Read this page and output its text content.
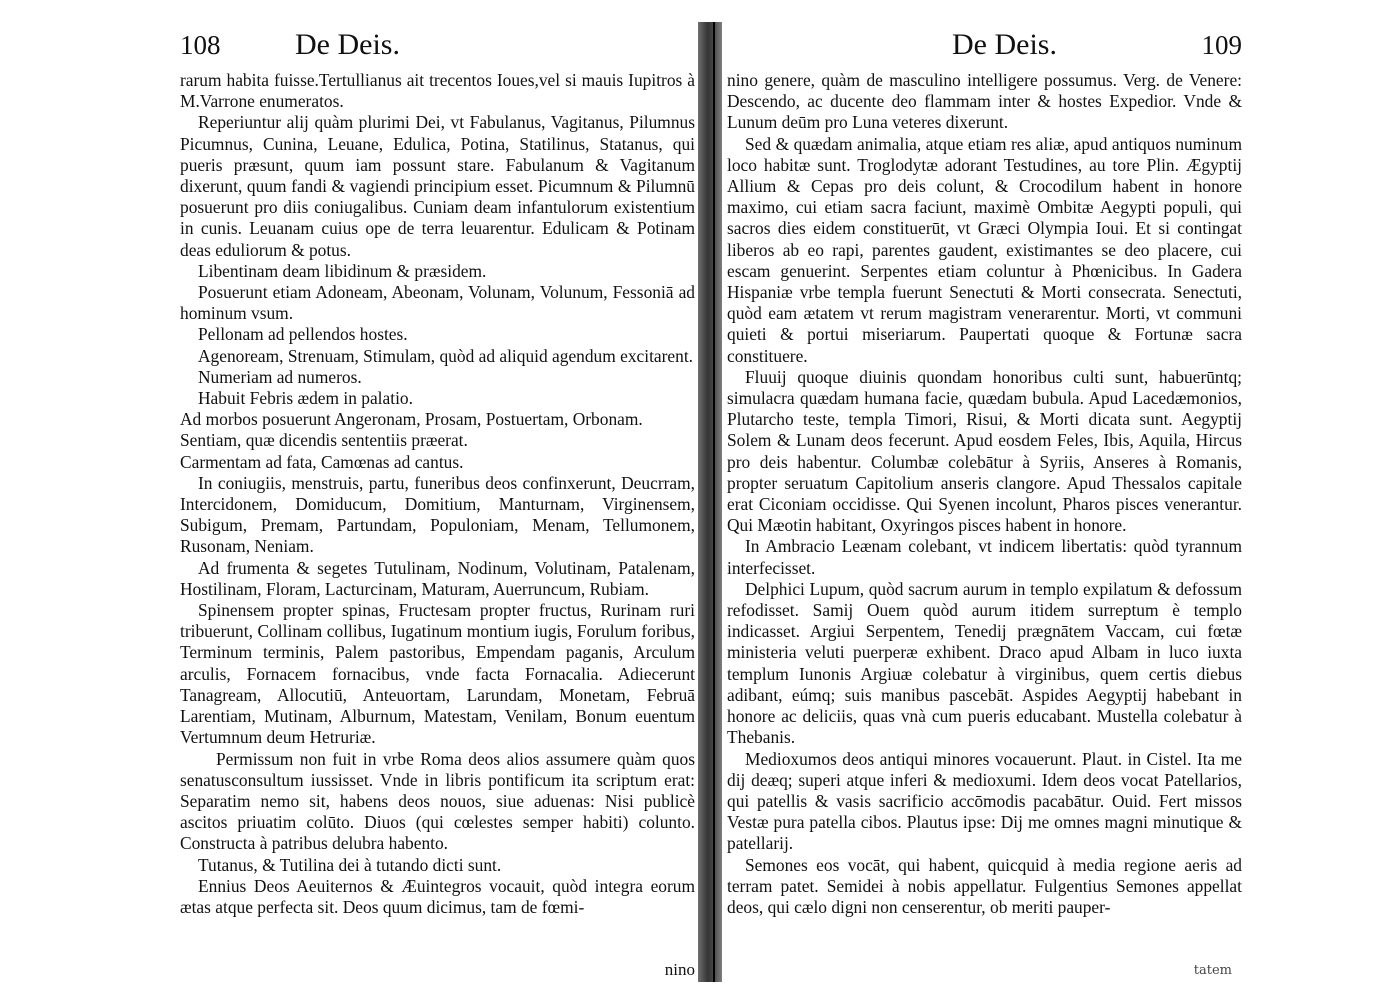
108	De Deis.

rarum habita fuisse.Tertullianus ait trecentos Ioues,vel si mauis Iupitros à M.Varrone enumeratos.

Reperiuntur alij quàm plurimi Dei, vt Fabulanus, Vagitanus, Pilumnus Picumnus, Cunina, Leuane, Edulica, Potina, Statilinus, Statanus, qui pueris præsunt, quum iam possunt stare. Fabulanum & Vagitanum dixerunt, quum fandi & vagiendi principium esset. Picumnum & Pilumnū posuerunt pro diis coniugalibus. Cuniam deam infantulorum existentium in cunis. Leuanam cuius ope de terra leuarentur. Edulicam & Potinam deas eduliorum & potus.

Libentinam deam libidinum & præsidem.

Posuerunt etiam Adoneam, Abeonam, Volunam, Volunum, Fessoniā ad hominum vsum.

Pellonam ad pellendos hostes.

Agenoream, Strenuam, Stimulam, quòd ad aliquid agendum excitarent.

Numeriam ad numeros.

Habuit Febris ædem in palatio.

Ad morbos posuerunt Angeronam, Prosam, Postuertam, Orbonam.

Sentiam, quæ dicendis sententiis præerat.

Carmentam ad fata, Camœnas ad cantus.

In coniugiis, menstruis, partu, funeribus deos confinxerunt, Deucrram, Intercidonem, Domiducum, Domitium, Manturnam, Virginensem, Subigum, Premam, Partundam, Populoniam, Menam, Tellumonem, Rusonam, Neniam.

Ad frumenta & segetes Tutulinam, Nodinum, Volutinam, Patalenam, Hostilinam, Floram, Lacturcinam, Maturam, Auerruncum, Rubiam.

Spinensem propter spinas, Fructesam propter fructus, Rurinam ruri tribuerunt, Collinam collibus, Iugatinum montium iugis, Forulum foribus, Terminum terminis, Palem pastoribus, Empendam paganis, Arculum arculis, Fornacem fornacibus, vnde facta Fornacalia. Adiecerunt Tanagream, Allocutiū, Anteuortam, Larundam, Monetam, Februā Larentiam, Mutinam, Alburnum, Matestam, Venilam, Bonum euentum Vertumnum deum Hetruriæ.

Permissum non fuit in vrbe Roma deos alios assumere quàm quos senatusconsultum iussisset. Vnde in libris pontificum ita scriptum erat: Separatim nemo sit, habens deos nouos, siue aduenas: Nisi publicè ascitos priuatim colūto. Diuos (qui cœlestes semper habiti) colunto. Constructa à patribus delubra habento.

Tutanus, & Tutilina dei à tutando dicti sunt.

Ennius Deos Aeuiternos & Æuintegros vocauit, quòd integra eorum ætas atque perfecta sit. Deos quum dicimus, tam de fœmi-

nino
De Deis.	109

nino genere, quàm de masculino intelligere possumus. Verg. de Venere: Descendo, ac ducente deo flammam inter & hostes Expedior. Vnde & Lunum deūm pro Luna veteres dixerunt.

Sed & quædam animalia, atque etiam res aliæ, apud antiquos numinum loco habitæ sunt. Troglodytæ adorant Testudines, au tore Plin. Ægyptij Allium & Cepas pro deis colunt, & Crocodilum habent in honore maximo, cui etiam sacra faciunt, maximè Ombitæ Aegypti populi, qui sacros dies eidem constituerūt, vt Græci Olympia Ioui. Et si contingat liberos ab eo rapi, parentes gaudent, existimantes se deo placere, cui escam genuerint. Serpentes etiam coluntur à Phœnicibus. In Gadera Hispaniæ vrbe templa fuerunt Senectuti & Morti consecrata. Senectuti, quòd eam ætatem vt rerum magistram venerarentur. Morti, vt communi quieti & portui miseriarum. Paupertati quoque & Fortunæ sacra constituere.

Fluuij quoque diuinis quondam honoribus culti sunt, habuerūntq; simulacra quædam humana facie, quædam bubula. Apud Lacedæmonios, Plutarcho teste, templa Timori, Risui, & Morti dicata sunt. Aegyptij Solem & Lunam deos fecerunt. Apud eosdem Feles, Ibis, Aquila, Hircus pro deis habentur. Columbæ colebātur à Syriis, Anseres à Romanis, propter seruatum Capitolium anseris clangore. Apud Thessalos capitale erat Ciconiam occidisse. Qui Syenen incolunt, Pharos pisces venerantur. Qui Mæotin habitant, Oxyringos pisces habent in honore.

In Ambracio Leænam colebant, vt indicem libertatis: quòd tyrannum interfecisset.

Delphici Lupum, quòd sacrum aurum in templo expilatum & defossum refodisset. Samij Ouem quòd aurum itidem surreptum è templo indicasset. Argiui Serpentem, Tenedij prægnātem Vaccam, cui fœtæ ministeria veluti puerperæ exhibent. Draco apud Albam in luco iuxta templum Iunonis Argiuæ colebatur à virginibus, quem certis diebus adibant, eúmq; suis manibus pascebāt. Aspides Aegyptij habebant in honore ac deliciis, quas vnà cum pueris educabant. Mustella colebatur à Thebanis.

Medioxumos deos antiqui minores vocauerunt. Plaut. in Cistel. Ita me dij deæq; superi atque inferi & medioxumi. Idem deos vocat Patellarios, qui patellis & vasis sacrificio accōmodis pacabātur. Ouid. Fert missos Vestæ pura patella cibos. Plautus ipse: Dij me omnes magni minutique & patellarij.

Semones eos vocāt, qui habent, quicquid à media regione aeris ad terram patet. Semidei à nobis appellatur. Fulgentius Semones appellat deos, qui cælo digni non censerentur, ob meriti pauper-

tatem
